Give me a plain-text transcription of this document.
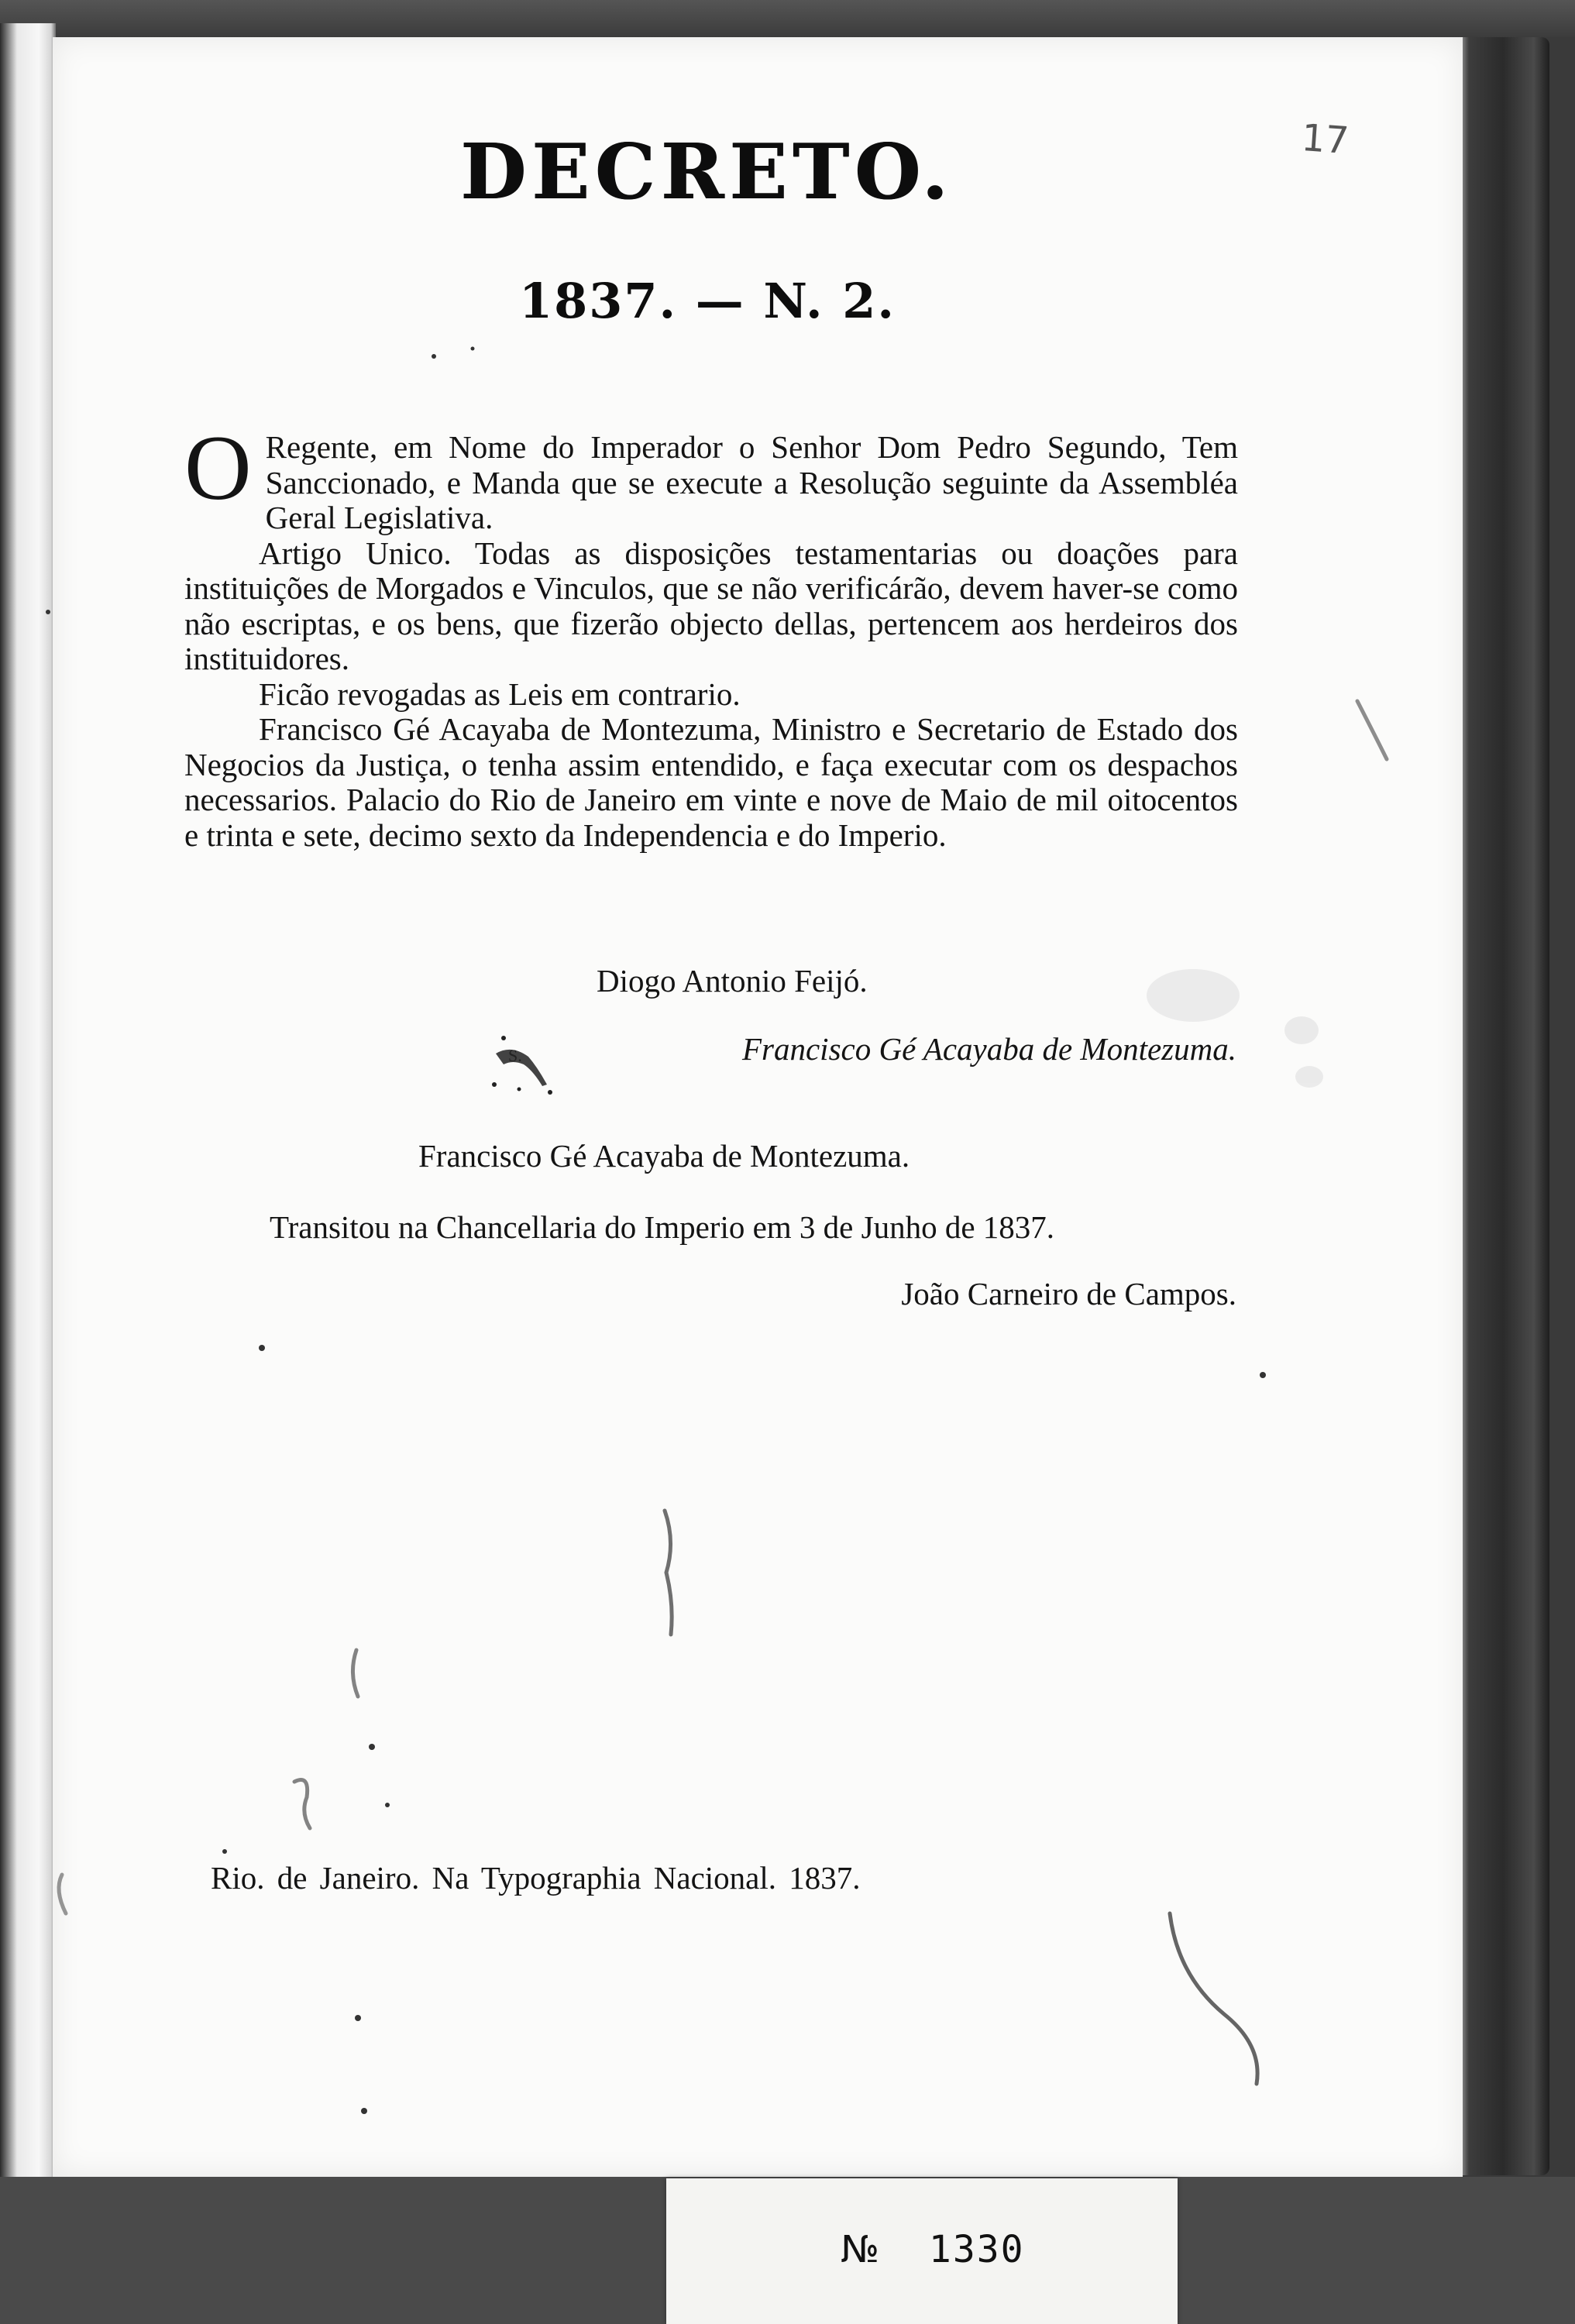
17
DECRETO.
1837. — N. 2.

O Regente, em Nome do Imperador o Senhor Dom Pedro Segundo, Tem Sanccionado, e Manda que se execute a Resolução seguinte da Assembléa Geral Legislativa.

Artigo Unico. Todas as disposições testamentarias ou doações para instituições de Morgados e Vinculos, que se não verificárão, devem haver-se como não escriptas, e os bens, que fizerão objecto dellas, pertencem aos herdeiros dos instituidores.

Ficão revogadas as Leis em contrario.

Francisco Gé Acayaba de Montezuma, Ministro e Secretario de Estado dos Negocios da Justiça, o tenha assim entendido, e faça executar com os despachos necessarios. Palacio do Rio de Janeiro em vinte e nove de Maio de mil oitocentos e trinta e sete, decimo sexto da Independencia e do Imperio.

Diogo Antonio Feijó.
Francisco Gé Acayaba de Montezuma.
S.
Francisco Gé Acayaba de Montezuma.
Transitou na Chancellaria do Imperio em 3 de Junho de 1837.
João Carneiro de Campos.
Rio. de Janeiro. Na Typographia Nacional. 1837.
№ 1330
